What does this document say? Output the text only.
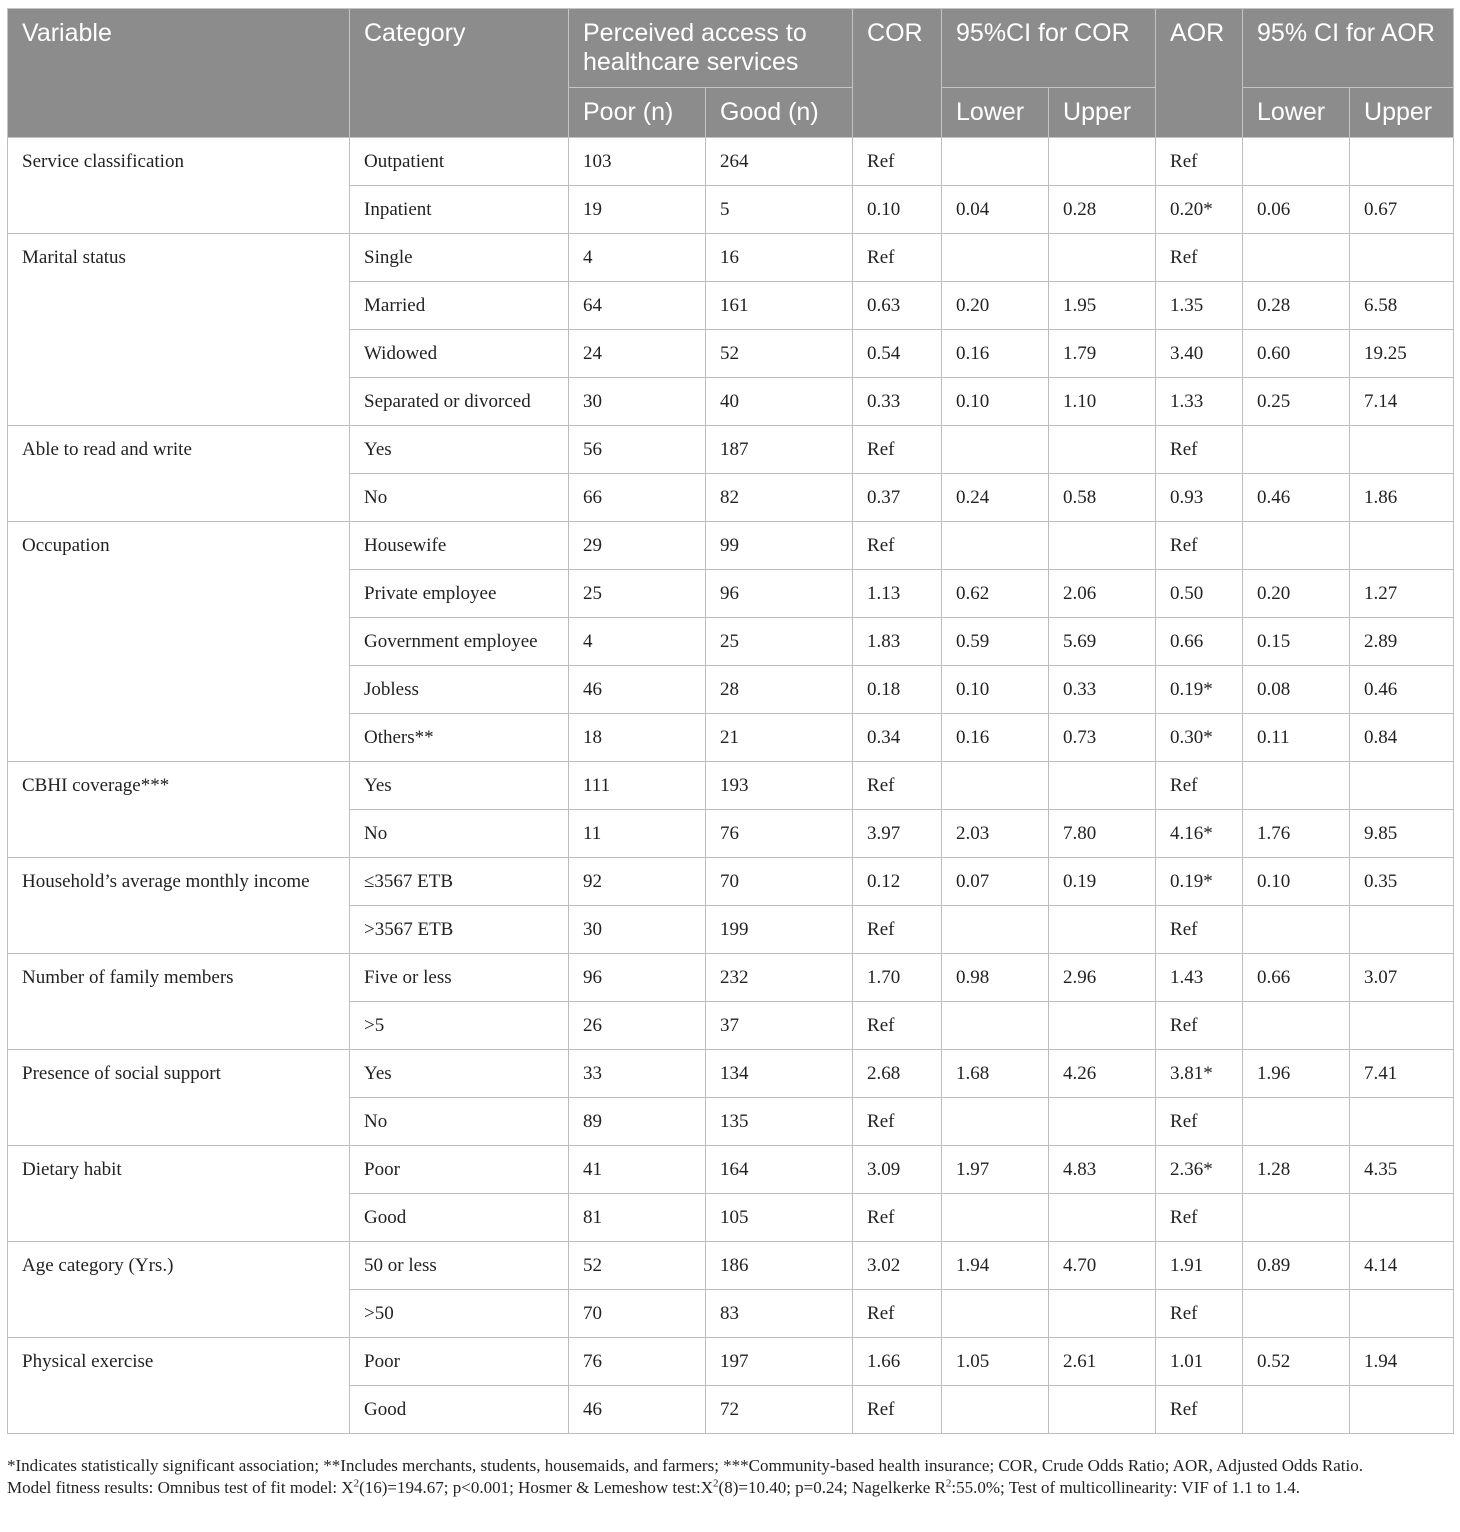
Variable	Category	Perceived access to healthcare services		COR	95%CI for COR		AOR	95% CI for AOR	
		Poor (n)	Good (n)		Lower	Upper		Lower	Upper
Service classification	Outpatient	103	264	Ref			Ref		
	Inpatient	19	5	0.10	0.04	0.28	0.20*	0.06	0.67
Marital status	Single	4	16	Ref			Ref		
	Married	64	161	0.63	0.20	1.95	1.35	0.28	6.58
	Widowed	24	52	0.54	0.16	1.79	3.40	0.60	19.25
	Separated or divorced	30	40	0.33	0.10	1.10	1.33	0.25	7.14
Able to read and write	Yes	56	187	Ref			Ref		
	No	66	82	0.37	0.24	0.58	0.93	0.46	1.86
Occupation	Housewife	29	99	Ref			Ref		
	Private employee	25	96	1.13	0.62	2.06	0.50	0.20	1.27
	Government employee	4	25	1.83	0.59	5.69	0.66	0.15	2.89
	Jobless	46	28	0.18	0.10	0.33	0.19*	0.08	0.46
	Others**	18	21	0.34	0.16	0.73	0.30*	0.11	0.84
CBHI coverage***	Yes	111	193	Ref			Ref		
	No	11	76	3.97	2.03	7.80	4.16*	1.76	9.85
Household’s average monthly income	≤3567 ETB	92	70	0.12	0.07	0.19	0.19*	0.10	0.35
	>3567 ETB	30	199	Ref			Ref		
Number of family members	Five or less	96	232	1.70	0.98	2.96	1.43	0.66	3.07
	>5	26	37	Ref			Ref		
Presence of social support	Yes	33	134	2.68	1.68	4.26	3.81*	1.96	7.41
	No	89	135	Ref			Ref		
Dietary habit	Poor	41	164	3.09	1.97	4.83	2.36*	1.28	4.35
	Good	81	105	Ref			Ref		
Age category (Yrs.)	50 or less	52	186	3.02	1.94	4.70	1.91	0.89	4.14
	>50	70	83	Ref			Ref		
Physical exercise	Poor	76	197	1.66	1.05	2.61	1.01	0.52	1.94
	Good	46	72	Ref			Ref		

*Indicates statistically significant association; **Includes merchants, students, housemaids, and farmers; ***Community-based health insurance; COR, Crude Odds Ratio; AOR, Adjusted Odds Ratio.

Model fitness results: Omnibus test of fit model: $X^2(16)=194.67$; p<0.001; Hosmer & Lemeshow $test:X^2(8)=10.40$; p=0.24; Nagelkerke $R^2:55.0\%$; Test of multicollinearity: VIF of 1.1 to 1.4.
